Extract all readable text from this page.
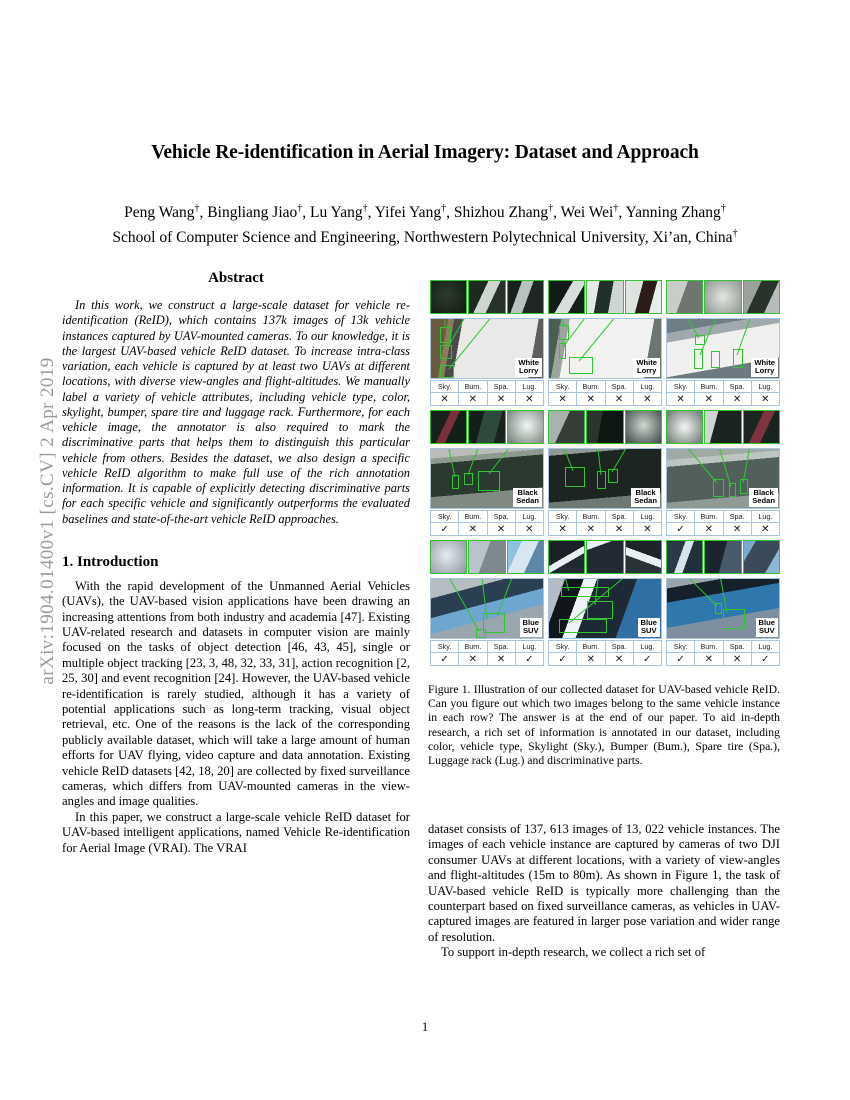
arXiv:1904.01400v1 [cs.CV] 2 Apr 2019
Vehicle Re-identification in Aerial Imagery: Dataset and Approach
Peng Wang†, Bingliang Jiao†, Lu Yang†, Yifei Yang†, Shizhou Zhang†, Wei Wei†, Yanning Zhang†
School of Computer Science and Engineering, Northwestern Polytechnical University, Xi’an, China†
Abstract
In this work, we construct a large-scale dataset for vehicle re-identification (ReID), which contains 137k images of 13k vehicle instances captured by UAV-mounted cameras. To our knowledge, it is the largest UAV-based vehicle ReID dataset. To increase intra-class variation, each vehicle is captured by at least two UAVs at different locations, with diverse view-angles and flight-altitudes. We manually label a variety of vehicle attributes, including vehicle type, color, skylight, bumper, spare tire and luggage rack. Furthermore, for each vehicle image, the annotator is also required to mark the discriminative parts that helps them to distinguish this particular vehicle from others. Besides the dataset, we also design a specific vehicle ReID algorithm to make full use of the rich annotation information. It is capable of explicitly detecting discriminative parts for each specific vehicle and significantly outperforms the evaluated baselines and state-of-the-art vehicle ReID approaches.
1. Introduction

With the rapid development of the Unmanned Aerial Vehicles (UAVs), the UAV-based vision applications have been drawing an increasing attentions from both industry and academia [47]. Existing UAV-related research and datasets in computer vision are mainly focused on the tasks of object detection [46, 43, 45], single or multiple object tracking [23, 3, 48, 32, 33, 31], action recognition [2, 25, 30] and event recognition [24]. However, the UAV-based vehicle re-identification is rarely studied, although it has a variety of potential applications such as long-term tracking, visual object retrieval, etc. One of the reasons is the lack of the corresponding publicly available dataset, which will take a large amount of human efforts for UAV flying, video capture and data annotation. Existing vehicle ReID datasets [42, 18, 20] are collected by fixed surveillance cameras, which differs from UAV-mounted cameras in the view-angles and image qualities.

In this paper, we construct a large-scale vehicle ReID dataset for UAV-based intelligent applications, named Vehicle Re-identification for Aerial Image (VRAI). The VRAI

White
Lorry
Sky.	Bum.	Spa.	Lug.
✕	✕	✕	✕
White
Lorry
Sky.	Bum.	Spa.	Lug.
✕	✕	✕	✕
White
Lorry
Sky.	Bum.	Spa.	Lug.
✕	✕	✕	✕
Black
Sedan
Sky.	Bum.	Spa.	Lug.
✓	✕	✕	✕
Black
Sedan
Sky.	Bum.	Spa.	Lug.
✕	✕	✕	✕
Black
Sedan
Sky.	Bum.	Spa.	Lug.
✓	✕	✕	✕
Blue
SUV
Sky.	Bum.	Spa.	Lug.
✓	✕	✕	✓
Blue
SUV
Sky.	Bum.	Spa.	Lug.
✓	✕	✕	✓
Blue
SUV
Sky.	Bum.	Spa.	Lug.
✓	✕	✕	✓

Figure 1. Illustration of our collected dataset for UAV-based vehicle ReID. Can you figure out which two images belong to the same vehicle instance in each row? The answer is at the end of our paper. To aid in-depth research, a rich set of information is annotated in our dataset, including color, vehicle type, Skylight (Sky.), Bumper (Bum.), Spare tire (Spa.), Luggage rack (Lug.) and discriminative parts.

dataset consists of 137, 613 images of 13, 022 vehicle instances. The images of each vehicle instance are captured by cameras of two DJI consumer UAVs at different locations, with a variety of view-angles and flight-altitudes (15m to 80m). As shown in Figure 1, the task of UAV-based vehicle ReID is typically more challenging than the counterpart based on fixed surveillance cameras, as vehicles in UAV-captured images are featured in larger pose variation and wider range of resolution.

To support in-depth research, we collect a rich set of

1
